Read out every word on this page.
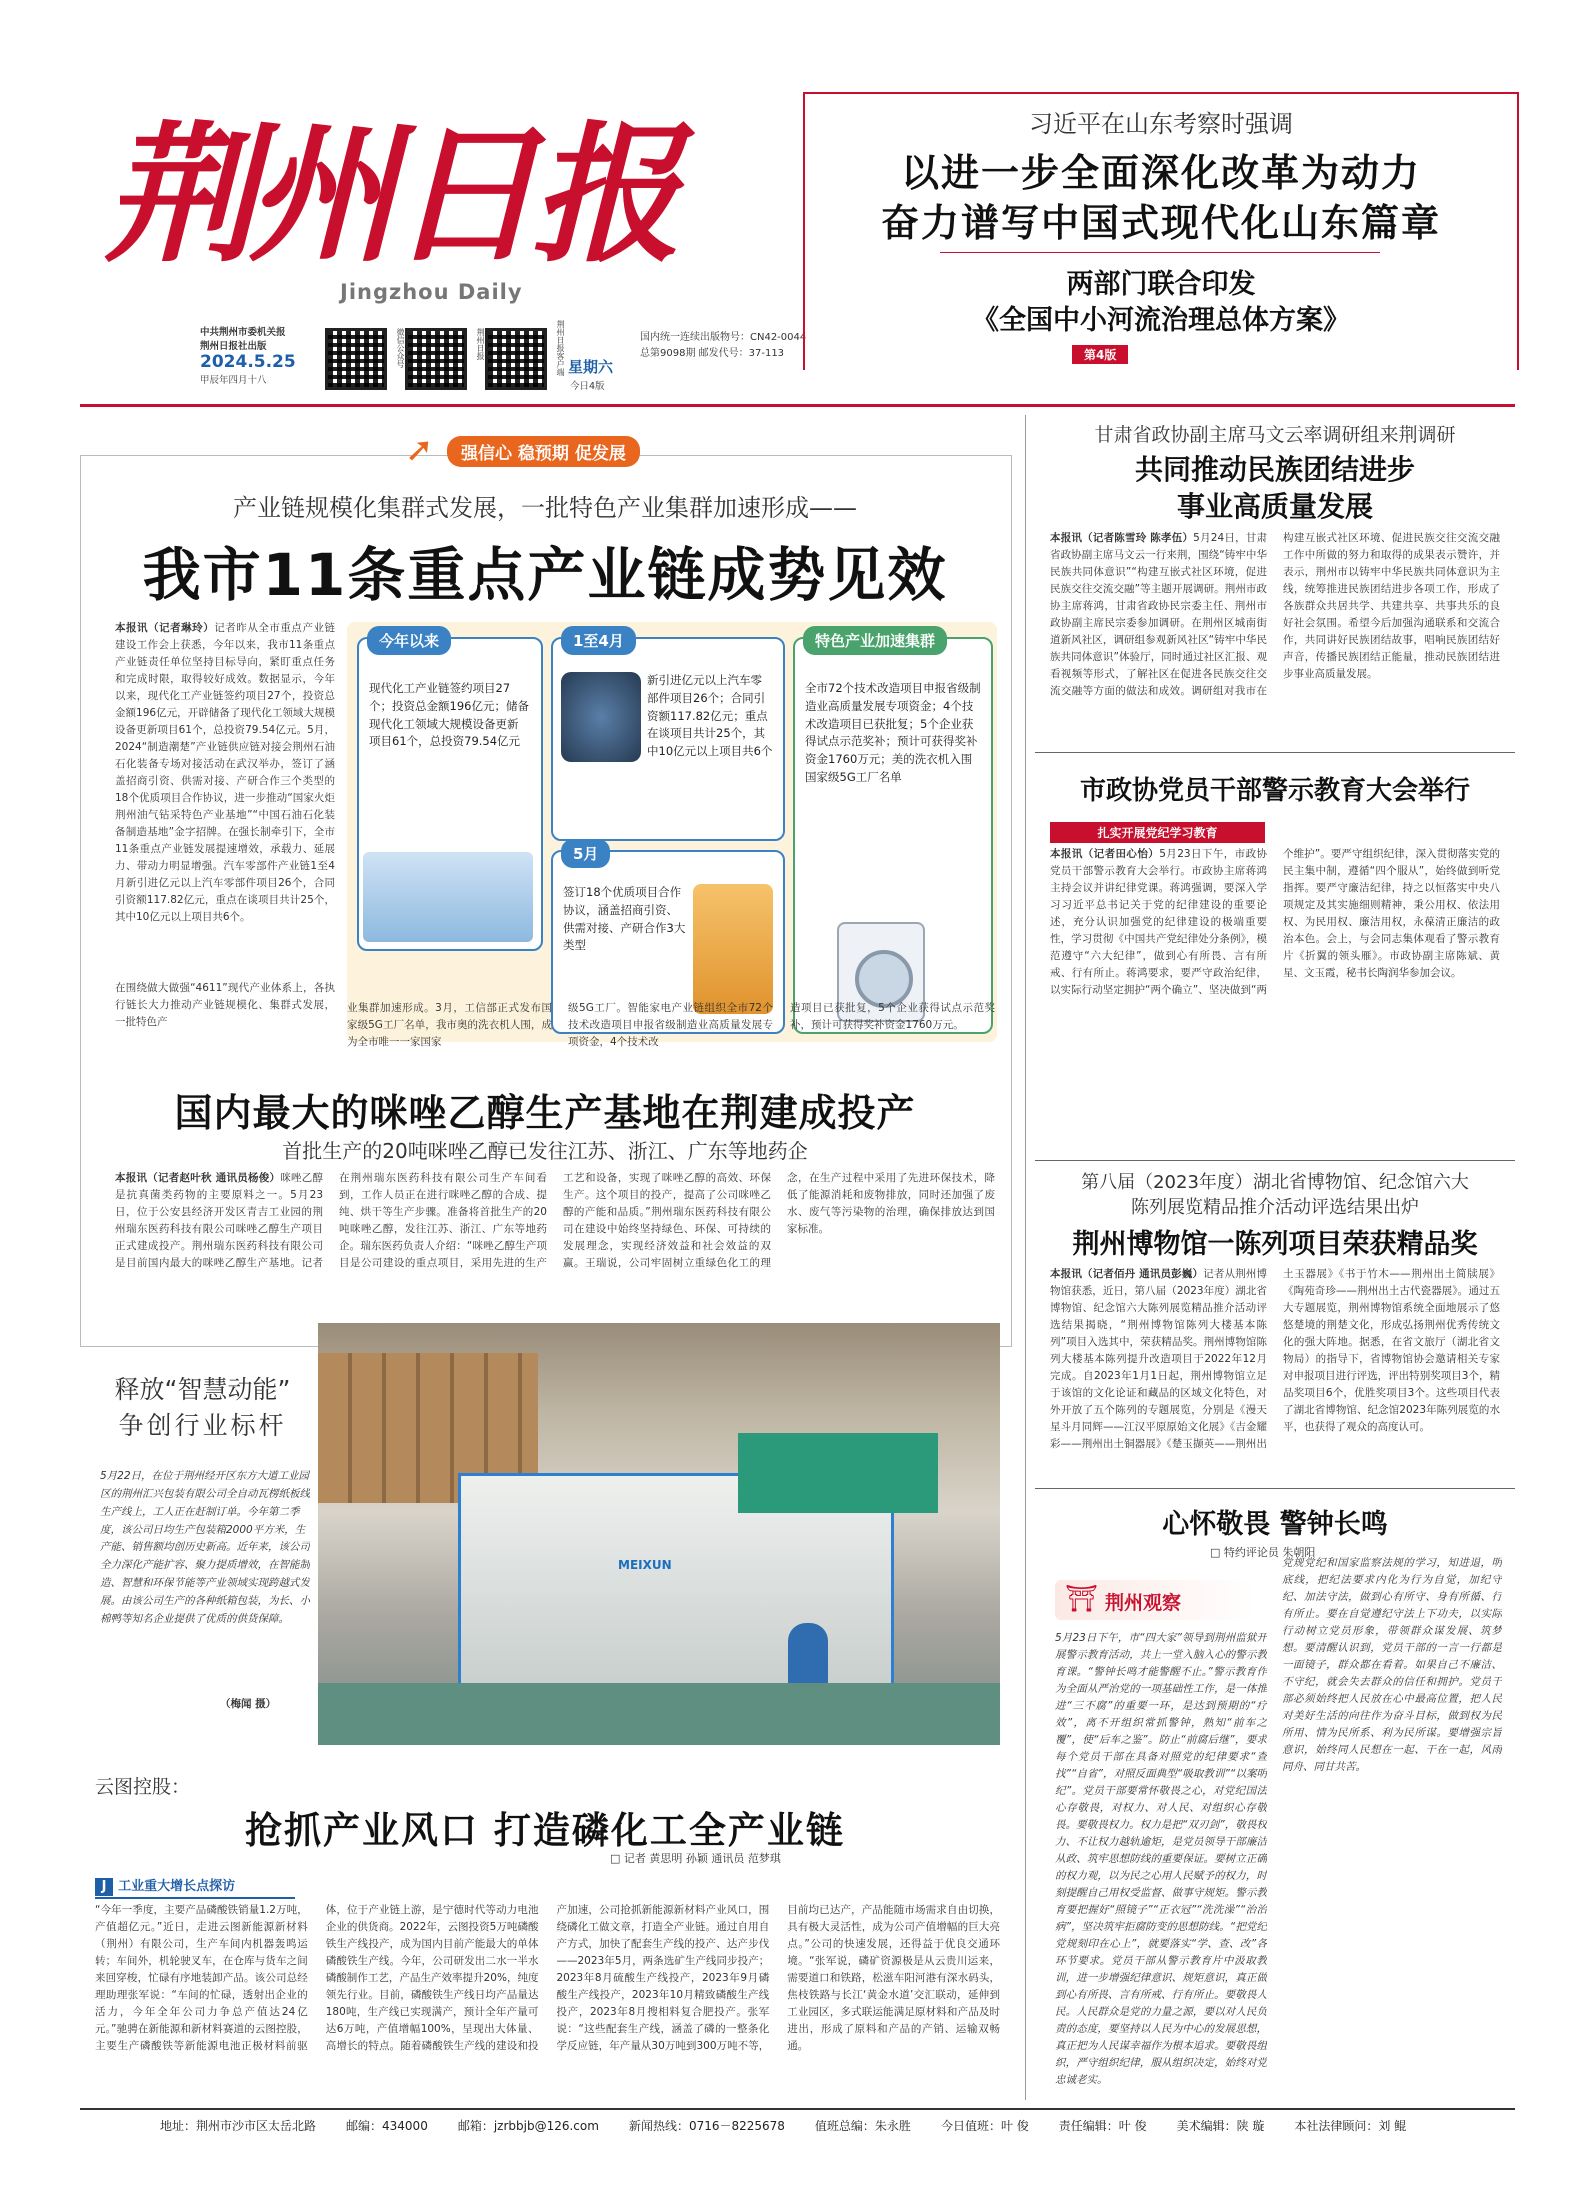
荆州日报
Jingzhou Daily
中共荆州市委机关报
荆州日报社出版
2024.5.25
甲辰年四月十八
微信公众号	荆州日报	荆州日报客户端 星期六
今日4版
国内统一连续出版物号：CN42-0044
总第9098期 邮发代号：37-113
习近平在山东考察时强调
以进一步全面深化改革为动力
奋力谱写中国式现代化山东篇章
两部门联合印发
《全国中小河流治理总体方案》
第4版
➚	强信心 稳预期 促发展
产业链规模化集群式发展，一批特色产业集群加速形成——
我市11条重点产业链成势见效
本报讯（记者琳玲）记者昨从全市重点产业链建设工作会上获悉，今年以来，我市11条重点产业链责任单位坚持目标导向，紧盯重点任务和完成时限，取得较好成效。数据显示，今年以来，现代化工产业链签约项目27个，投资总金额196亿元，开辟储备了现代化工领域大规模设备更新项目61个，总投资79.54亿元。5月，2024“制造潮楚”产业链供应链对接会荆州石油石化装备专场对接活动在武汉举办，签订了涵盖招商引资、供需对接、产研合作三个类型的18个优质项目合作协议，进一步推动“国家火炬荆州油气钻采特色产业基地”“中国石油石化装备制造基地”金字招牌。在强长制牵引下，全市11条重点产业链发展提速增效，承载力、延展力、带动力明显增强。汽车零部件产业链1至4月新引进亿元以上汽车零部件项目26个，合同引资额117.82亿元，重点在谈项目共计25个，其中10亿元以上项目共6个。
在围绕做大做强“4611”现代产业体系上，各执行链长大力推动产业链规模化、集群式发展，一批特色产
今年以来
现代化工产业链签约项目27个；投资总金额196亿元；储备现代化工领域大规模设备更新项目61个，总投资79.54亿元
1至4月
新引进亿元以上汽车零部件项目26个；合同引资额117.82亿元；重点在谈项目共计25个，其中10亿元以上项目共6个
5月
签订18个优质项目合作协议，涵盖招商引资、供需对接、产研合作3大类型
特色产业加速集群
全市72个技术改造项目申报省级制造业高质量发展专项资金；4个技术改造项目已获批复；5个企业获得试点示范奖补；预计可获得奖补资金1760万元；美的洗衣机入围国家级5G工厂名单
业集群加速形成。3月，工信部正式发布国家级5G工厂名单，我市奥的洗衣机人围，成为全市唯一一家国家
级5G工厂。智能家电产业链组织全市72个技术改造项目申报省级制造业高质量发展专项资金，4个技术改
造项目已获批复，5个企业获得试点示范奖补，预计可获得奖补资金1760万元。
国内最大的咪唑乙醇生产基地在荆建成投产
首批生产的20吨咪唑乙醇已发往江苏、浙江、广东等地药企
本报讯（记者赵叶秋 通讯员杨俊）咪唑乙醇是抗真菌类药物的主要原料之一。5月23日，位于公安县经济开发区青吉工业园的荆州瑞东医药科技有限公司咪唑乙醇生产项目正式建成投产。荆州瑞东医药科技有限公司是目前国内最大的咪唑乙醇生产基地。记者在荆州瑞东医药科技有限公司生产车间看到，工作人员正在进行咪唑乙醇的合成、提纯、烘干等生产步骤。准备将首批生产的20吨咪唑乙醇，发往江苏、浙江、广东等地药企。瑞东医药负责人介绍：“咪唑乙醇生产项目是公司建设的重点项目，采用先进的生产工艺和设备，实现了咪唑乙醇的高效、环保生产。这个项目的投产，提高了公司咪唑乙醇的产能和品质。”荆州瑞东医药科技有限公司在建设中始终坚持绿色、环保、可持续的发展理念，实现经济效益和社会效益的双赢。王瑞说，公司牢固树立重绿色化工的理念，在生产过程中采用了先进环保技术，降低了能源消耗和废物排放，同时还加强了废水、废气等污染物的治理，确保排放达到国家标准。
释放“智慧动能”
争创行业标杆
5月22日，在位于荆州经开区东方大道工业园区的荆州汇兴包装有限公司全自动瓦楞纸板线生产线上，工人正在赶制订单。今年第二季度，该公司日均生产包装箱2000平方米，生产能、销售额均创历史新高。近年来，该公司全力深化产能扩容、聚力提质增效，在智能制造、智慧和环保节能等产业领域实现跨越式发展。由该公司生产的各种纸箱包装，为长、小棉鸭等知名企业提供了优质的供货保障。
（梅闻 摄）
MEIXUN
云图控股：
抢抓产业风口 打造磷化工全产业链
□ 记者 黄思明 孙颖 通讯员 范梦琪
J 工业重大增长点探访
“今年一季度，主要产品磷酸铁销量1.2万吨，产值超亿元。”近日，走进云图新能源新材料（荆州）有限公司，生产车间内机器轰鸣运转；车间外，机轮驶叉车，在仓库与货车之间来回穿梭，忙碌有序地装卸产品。该公司总经理助理张军说：“车间的忙碌，透射出企业的活力，今年全年公司力争总产值达24亿元。”驰骋在新能源和新材料赛道的云图控股，主要生产磷酸铁等新能源电池正极材料前驱体，位于产业链上游，是宁德时代等动力电池企业的供货商。2022年，云图投资5万吨磷酸铁生产线投产，成为国内目前产能最大的单体磷酸铁生产线。今年，公司研发出二水一半水磷酸制作工艺，产品生产效率提升20%，纯度领先行业。目前，磷酸铁生产线日均产品量达180吨，生产线已实现满产，预计全年产量可达6万吨，产值增幅100%，呈现出大体量、高增长的特点。随着磷酸铁生产线的建设和投产加速，公司抢抓新能源新材料产业风口，围绕磷化工做文章，打造全产业链。通过自用自产方式，加快了配套生产线的投产、达产步伐——2023年5月，两条选矿生产线同步投产；2023年8月硫酸生产线投产，2023年9月磷酸生产线投产，2023年10月精致磷酸生产线投产，2023年8月搜相料复合肥投产。张军说：“这些配套生产线，涵盖了磷的一整条化学反应链，年产量从30万吨到300万吨不等，目前均已达产，产品能随市场需求自由切换，具有极大灵活性，成为公司产值增幅的巨大亮点。”公司的快速发展，还得益于优良交通环境。“张军说，磷矿资源极是从云贵川运来，需要道口和铁路，松滋车阳河港有深水码头，焦枝铁路与长江‘黄金水道’交汇联动，延伸到工业园区，多式联运能满足原材料和产品及时进出，形成了原料和产品的产销、运输双畅通。
甘肃省政协副主席马文云率调研组来荆调研
共同推动民族团结进步
事业高质量发展
本报讯（记者陈雪玲 陈孝伍）5月24日，甘肃省政协副主席马文云一行来荆，围绕“铸牢中华民族共同体意识”“构建互嵌式社区环境，促进民族交往交流交融”等主题开展调研。荆州市政协主席蒋鸿，甘肃省政协民宗委主任、荆州市政协副主席民宗委参加调研。在荆州区城南街道新风社区，调研组参观新风社区“铸牢中华民族共同体意识”体验厅，同时通过社区汇报、观看视频等形式，了解社区在促进各民族交往交流交融等方面的做法和成效。调研组对我市在构建互嵌式社区环境、促进民族交往交流交融工作中所做的努力和取得的成果表示赞许，并表示，荆州市以铸牢中华民族共同体意识为主线，统筹推进民族团结进步各项工作，形成了各族群众共居共学、共建共享、共事共乐的良好社会氛围。希望今后加强沟通联系和交流合作，共同讲好民族团结故事，唱响民族团结好声音，传播民族团结正能量，推动民族团结进步事业高质量发展。
市政协党员干部警示教育大会举行
扎实开展党纪学习教育
本报讯（记者田心怡）5月23日下午，市政协党员干部警示教育大会举行。市政协主席蒋鸿主持会议并讲纪律党课。蒋鸿强调，要深入学习习近平总书记关于党的纪律建设的重要论述，充分认识加强党的纪律建设的极端重要性，学习贯彻《中国共产党纪律处分条例》，模范遵守“六大纪律”，做到心有所畏、言有所戒、行有所止。蒋鸿要求，要严守政治纪律，以实际行动坚定拥护“两个确立”、坚决做到“两个维护”。要严守组织纪律，深入贯彻落实党的民主集中制，遵循“四个服从”，始终做到听党指挥。要严守廉洁纪律，持之以恒落实中央八项规定及其实施细则精神，秉公用权、依法用权、为民用权、廉洁用权，永葆清正廉洁的政治本色。会上，与会同志集体观看了警示教育片《折翼的领头雁》。市政协副主席陈斌、黄星、文玉霞，秘书长陶润华参加会议。
第八届（2023年度）湖北省博物馆、纪念馆六大
陈列展览精品推介活动评选结果出炉
荆州博物馆一陈列项目荣获精品奖
本报讯（记者佰丹 通讯员彭巍）记者从荆州博物馆获悉，近日，第八届（2023年度）湖北省博物馆、纪念馆六大陈列展览精品推介活动评选结果揭晓，“荆州博物馆陈列大楼基本陈列”项目入选其中，荣获精品奖。荆州博物馆陈列大楼基本陈列提升改造项目于2022年12月完成。自2023年1月1日起，荆州博物馆立足于该馆的文化论证和藏品的区域文化特色，对外开放了五个陈列的专题展览，分别是《漫天星斗月同辉——江汉平原原始文化展》《吉金耀彩——荆州出土铜器展》《楚玉撷英——荆州出土玉器展》《书于竹木——荆州出土简牍展》《陶苑奇珍——荆州出土古代瓷器展》。通过五大专题展览，荆州博物馆系统全面地展示了悠悠楚境的荆楚文化，形成弘扬荆州优秀传统文化的强大阵地。据悉，在省文旅厅（湖北省文物局）的指导下，省博物馆协会邀请相关专家对申报项目进行评选，评出特别奖项目3个，精品奖项目6个，优胜奖项目3个。这些项目代表了湖北省博物馆、纪念馆2023年陈列展览的水平，也获得了观众的高度认可。
心怀敬畏 警钟长鸣
□ 特约评论员 朱朝阳
⛩ 荆州观察
5月23日下午，市“四大家”领导到荆州监狱开展警示教育活动，共上一堂入脑入心的警示教育课。“警钟长鸣才能警醒不止。”警示教育作为全面从严治党的一项基础性工作，是一体推进“三不腐”的重要一环，是达到预期的“疗效”，离不开组织常抓警钟，熟知“前车之覆”，使“后车之鉴”。防止“前腐后继”，要求每个党员干部在具备对照党的纪律要求“查找”“自省”，对照反面典型“吸取教训”“以案明纪”。党员干部要常怀敬畏之心，对党纪国法心存敬畏，对权力、对人民、对组织心存敬畏。要敬畏权力。权力是把“双刃剑”，敬畏权力、不让权力越轨逾矩，是党员领导干部廉洁从政、筑牢思想防线的重要保证。要树立正确的权力观，以为民之心用人民赋予的权力，时刻提醒自己用权受监督、做事守规矩。警示教育要把握好“照镜子”“正衣冠”“洗洗澡”“治治病”，坚决筑牢拒腐防变的思想防线。“把党纪党规刻印在心上”，就要落实“学、查、改”各环节要求。党员干部从警示教育片中汲取教训，进一步增强纪律意识、规矩意识，真正做到心有所畏、言有所戒、行有所止。要敬畏人民。人民群众是党的力量之源，要以对人民负责的态度，要坚持以人民为中心的发展思想，真正把为人民谋幸福作为根本追求。要敬畏组织，严守组织纪律，服从组织决定，始终对党忠诚老实。
党规党纪和国家监察法规的学习，知进退，明底线，把纪法要求内化为行为自觉，加纪守纪、加法守法，做到心有所守、身有所循、行有所止。要在自觉遵纪守法上下功夫，以实际行动树立党员形象，带领群众谋发展、筑梦想。要清醒认识到，党员干部的一言一行都是一面镜子，群众都在看着。如果自己不廉洁、不守纪，就会失去群众的信任和拥护。党员干部必须始终把人民放在心中最高位置，把人民对美好生活的向往作为奋斗目标，做到权为民所用、情为民所系、利为民所谋。要增强宗旨意识，始终同人民想在一起、干在一起，风雨同舟、同甘共苦。
地址：荆州市沙市区太岳北路	邮编：434000	邮箱：jzrbbjb@126.com	新闻热线：0716－8225678	值班总编：朱永胜	今日值班：叶 俊	责任编辑：叶 俊	美术编辑：陕 璇	本社法律顾问：刘 鲲
